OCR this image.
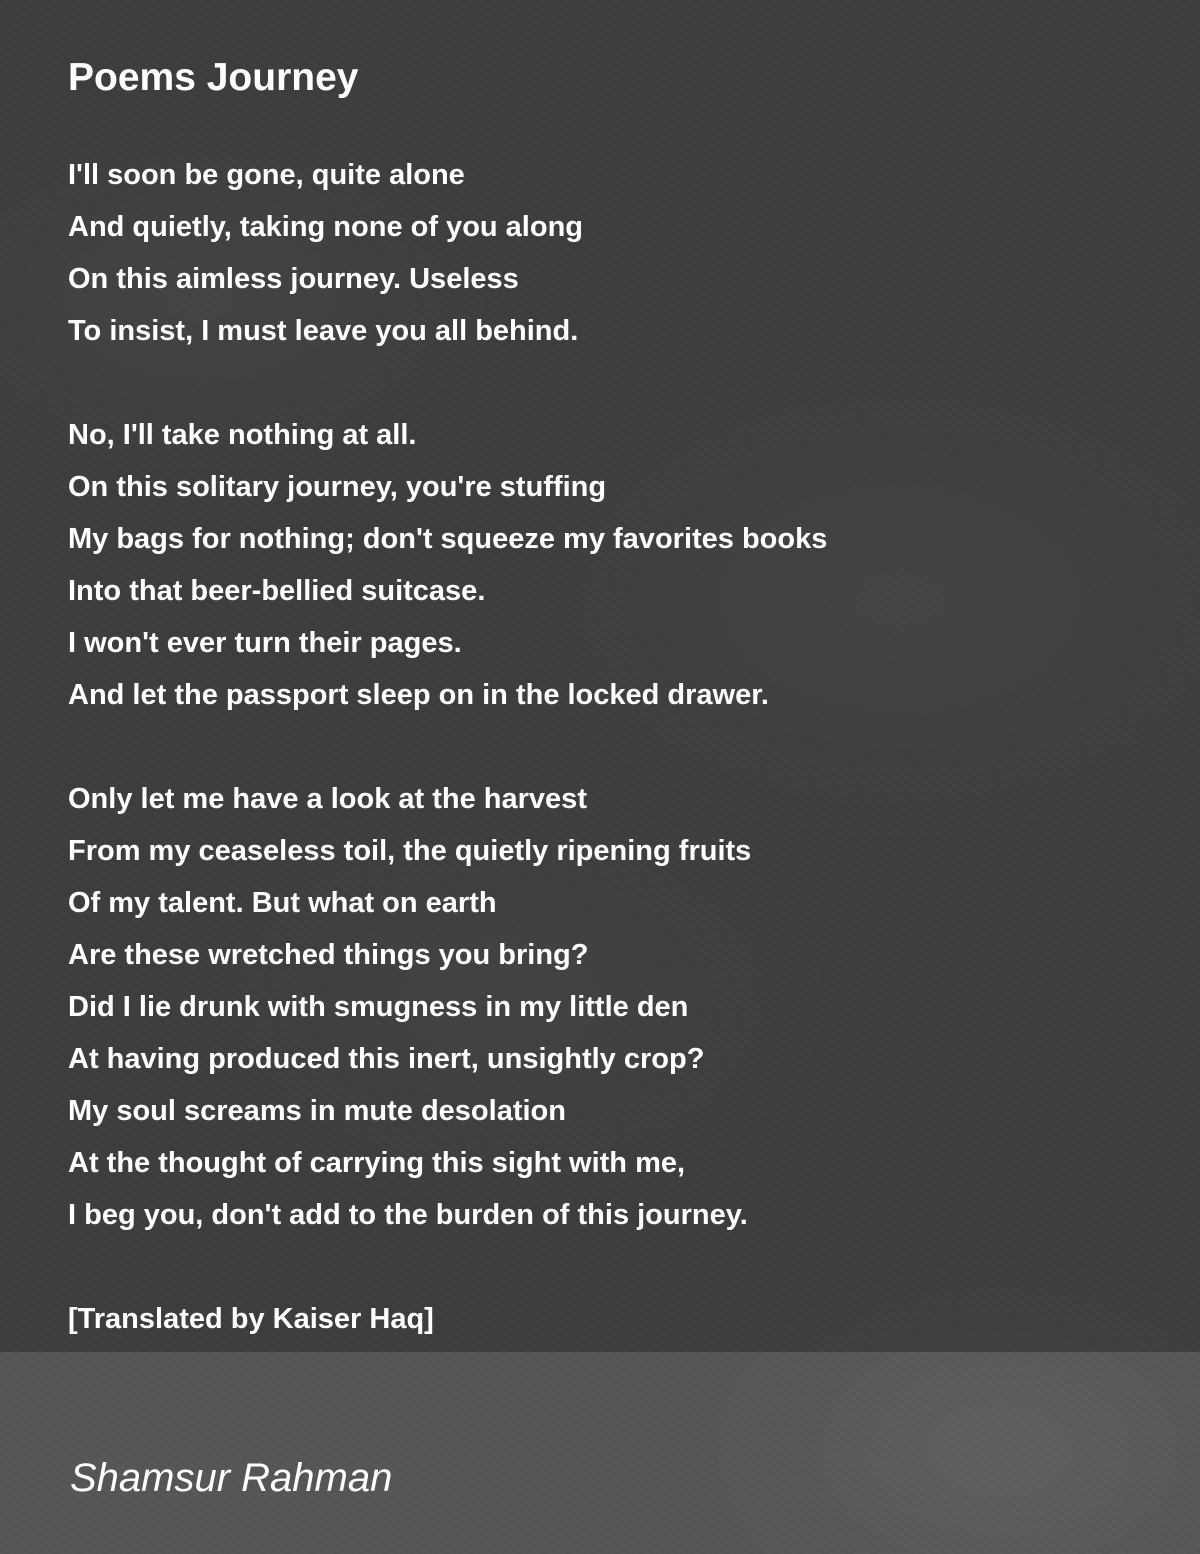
Poems Journey
I'll soon be gone, quite alone
And quietly, taking none of you along
On this aimless journey. Useless
To insist, I must leave you all behind.
No, I'll take nothing at all.
On this solitary journey, you're stuffing
My bags for nothing; don't squeeze my favorites books
Into that beer-bellied suitcase.
I won't ever turn their pages.
And let the passport sleep on in the locked drawer.
Only let me have a look at the harvest
From my ceaseless toil, the quietly ripening fruits
Of my talent. But what on earth
Are these wretched things you bring?
Did I lie drunk with smugness in my little den
At having produced this inert, unsightly crop?
My soul screams in mute desolation
At the thought of carrying this sight with me,
I beg you, don't add to the burden of this journey.
[Translated by Kaiser Haq]
Shamsur Rahman
